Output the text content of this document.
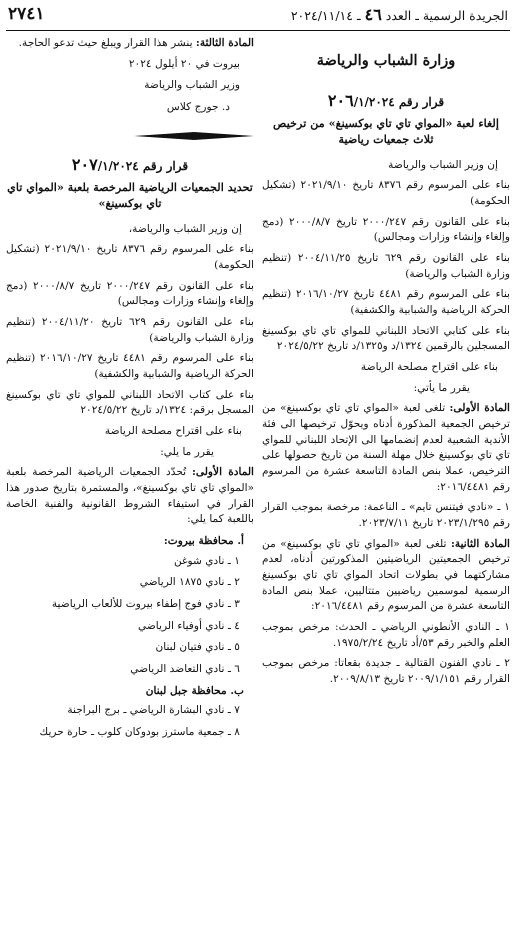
الجريدة الرسمية ـ العدد ٤٦ ـ ٢٠٢٤/١١/١٤
٢٧٤١
وزارة الشباب والرياضة
قرار رقم ٢٠٦/١/٢٠٢٤
إلغاء لعبة «المواي تاي تاي بوكسينغ» من ترخيص ثلاث جمعيات رياضية

إن وزير الشباب والرياضة

بناء على المرسوم رقم ٨٣٧٦ تاريخ ٢٠٢١/٩/١٠ (تشكيل الحكومة)

بناء على القانون رقم ٢٠٠٠/٢٤٧ تاريخ ٢٠٠٠/٨/٧ (دمج وإلغاء وإنشاء وزارات ومجالس)

بناء على القانون رقم ٦٢٩ تاريخ ٢٠٠٤/١١/٢٥ (تنظيم وزارة الشباب والرياضة)

بناء على المرسوم رقم ٤٤٨١ تاريخ ٢٠١٦/١٠/٢٧ (تنظيم الحركة الرياضية والشبابية والكشفية)

بناء على كتابي الاتحاد اللبناني للمواي تاي تاي بوكسينغ المسجلين بالرقمين ١٣٢٤/د و١٣٢٥/د تاريخ ٢٠٢٤/٥/٢٢

بناء على اقتراح مصلحة الرياضة

يقرر ما يأتي:

المادة الأولى: تلغى لعبة «المواي تاي تاي بوكسينغ» من ترخيص الجمعية المذكورة أدناه ويحوّل ترخيصها الى فئة الأندية الشعبية لعدم إنضمامها الى الإتحاد اللبناني للمواي تاي تاي بوكسينغ خلال مهلة السنة من تاريخ حصولها على الترخيص، عملا بنص المادة التاسعة عشرة من المرسوم رقم ٢٠١٦/٤٤٨١:

١ ـ «نادي فيتنس تايم» ـ الناعمة: مرخصة بموجب القرار رقم ٢٠٢٣/١/٢٩٥ تاريخ ٢٠٢٣/٧/١١.

المادة الثانية: تلغى لعبة «المواي تاي تاي بوكسينغ» من ترخيص الجمعيتين الرياضيتين المذكورتين أدناه، لعدم مشاركتهما في بطولات اتحاد المواي تاي تاي بوكسينغ الرسمية لموسمين رياضيين متتاليين، عملا بنص المادة التاسعة عشرة من المرسوم رقم ٢٠١٦/٤٤٨١:

١ ـ النادي الأنطوني الرياضي ـ الحدث: مرخص بموجب العلم والخبر رقم ٥٣/أد تاريخ ١٩٧٥/٢/٢٤.

٢ ـ نادي الفنون القتالية ـ جديدة بقعاتا: مرخص بموجب القرار رقم ٢٠٠٩/١/١٥١ تاريخ ٢٠٠٩/٨/١٣.

المادة الثالثة: ينشر هذا القرار ويبلغ حيث تدعو الحاجة.

بيروت في ٢٠ أيلول ٢٠٢٤
وزير الشباب والرياضة
د. جورج كلاس
قرار رقم ٢٠٧/١/٢٠٢٤
تحديد الجمعيات الرياضية المرخصة بلعبة «المواي تاي تاي بوكسينغ»

إن وزير الشباب والرياضة،

بناء على المرسوم رقم ٨٣٧٦ تاريخ ٢٠٢١/٩/١٠ (تشكيل الحكومة)

بناء على القانون رقم ٢٠٠٠/٢٤٧ تاريخ ٢٠٠٠/٨/٧ (دمج وإلغاء وإنشاء وزارات ومجالس)

بناء على القانون رقم ٦٢٩ تاريخ ٢٠٠٤/١١/٢٠ (تنظيم وزارة الشباب والرياضة)

بناء على المرسوم رقم ٤٤٨١ تاريخ ٢٠١٦/١٠/٢٧ (تنظيم الحركة الرياضية والشبابية والكشفية)

بناء على كتاب الاتحاد اللبناني للمواي تاي تاي بوكسينغ المسجل برقم: ١٣٢٤/د تاريخ ٢٠٢٤/٥/٢٢

بناء على اقتراح مصلحة الرياضة

يقرر ما يلي:

المادة الأولى: تُحدّد الجمعيات الرياضية المرخصة بلعبة «المواي تاي تاي بوكسينغ»، والمستمرة بتاريخ صدور هذا القرار في استيفاء الشروط القانونية والفنية الخاصة باللعبة كما يلي:

أ. محافظة بيروت:
١ ـ نادي شوغن
٢ ـ نادي ١٨٧٥ الرياضي
٣ ـ نادي فوج إطفاء بيروت للألعاب الرياضية
٤ ـ نادي أوفياء الرياضي
٥ ـ نادي فتيان لبنان
٦ ـ نادي التعاضد الرياضي
ب. محافظة جبل لبنان
٧ ـ نادي البشارة الرياضي ـ برج البراجنة
٨ ـ جمعية ماسترز بودوكان كلوب ـ حارة حريك
